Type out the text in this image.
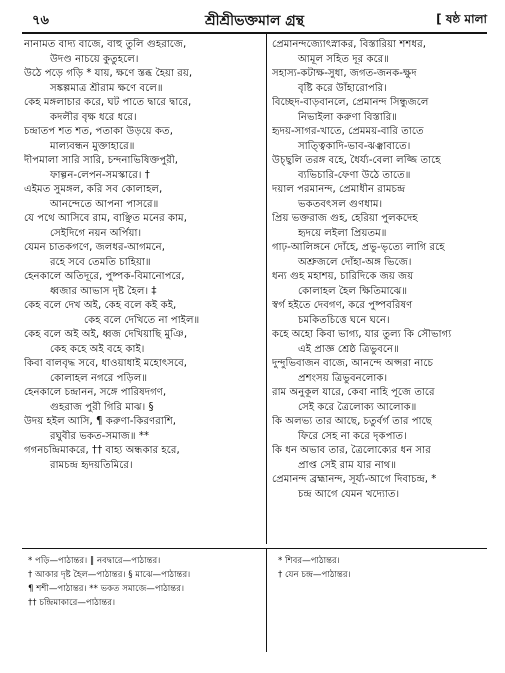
৭৬	শ্রীশ্রীভক্তমাল গ্রন্থ	[ ষষ্ঠ মালা
নানামত বাদ্য বাজে, বাহু তুলি গুহরাজে,
উদণ্ড নাচয়ে কুতুহলে।
উঠে পড়ে গড়ি * যায়, ক্ষণে স্তব্ধ হৈয়া রয়,
সঙ্কল্পমাত্র শ্রীরাম ক্ষণে বলে॥
কেহ মঙ্গলাচার করে, ঘট পাতে দ্বারে দ্বারে,
কদলীর বৃক্ষ ধরে ধরে।
চন্দ্রাতপ শত শত, পতাকা উড়য়ে কত,
মাল্যবন্ধন মুক্তাহারে॥
দীপমালা সারি সারি, চন্দনাভিষিক্তপুরী,
ফাল্গন-লেপন-সমস্কারে। †
এইমত সুমঙ্গল, করি সব কোলাহল,
আনন্দেতে আপনা পাসরে॥
যে পথে আসিবে রাম, বাঞ্ছিত মনের কাম,
সেইদিগে নয়ন অর্পিয়া।
যেমন চাতকগণে, জলধর-আগমনে,
রহে সবে তেমতি চাহিয়া॥
হেনকালে অতিদূরে, পুষ্পক-বিমানোপরে,
ধ্বজার আভাস দৃষ্ট হৈল। ‡
কেহ বলে দেখ অই, কেহ বলে কই কই,
কেহ বলে দেখিতে না পাইল॥
কেহ বলে অই অই, ধ্বজ দেখিয়াছি মুঞি,
কেহ কহে অই বহে কাই।
কিবা বালবৃদ্ধ সবে, ধাওয়াধাই মহোৎসবে,
কোলাহল নগরে পড়িল॥
হেনকালে চন্দ্রানন, সঙ্গে পারিষদগণ,
গুহরাজ পুরী গিরি মাঝ। §
উদয় হইল আসি, ¶ করুণা-কিরণরাশি,
রঘুবীর ভকত-সমাজ॥ **
গগনচন্দ্রিমাকরে, †† বাহ্য অন্ধকার হরে,
রামচন্দ্র হৃদয়তিমিরে।
প্রেমানন্দজ্যোৎস্নাকর, বিস্তারিয়া শশধর,
আমূল সহিত দূর করে॥
সহাস্য-কটাক্ষ-সুধা, জগত-জনক-ক্ষুদ
বৃষ্টি করে উাঁহারোপরি।
বিচ্ছেদ-বাড়বানলে, প্রেমানন্দ সিন্ধুজলে
নিভাইলা করুণা বিস্তারি॥
হৃদয়-সাগর-খাতে, প্রেমময়-বারি তাতে
সাত্ত্বিকাদি-ভাব-ঝঞ্ঝাবাতে।
উচ্ছ্বলি তরঙ্গ বহে, ধৈর্য্য-বেলা লজ্জি তাহে
ব্যভিচারি-ফেণা উঠে তাতে॥
দয়াল পরমানন্দ, প্রেমাধীন রামচন্দ্র
ভকতবৎসল গুণধাম।
প্রিয় ভক্তরাজ গুহ, হেরিয়া পুলকদেহ
হৃদয়ে লইলা প্রিয়তম॥
গাঢ়-আলিঙ্গনে দোঁহে, প্রভু-ভৃত্যে লাগি রহে
অশ্রুজলে দোঁহা-অঙ্গ ভিজে।
ধন্য গুহ মহাশয়, চারিদিকে জয় জয়
কোলাহল হৈল ক্ষিতিমাঝে॥
স্বর্গ হইতে দেবগণ, করে পুষ্পবরিষণ
চমকিতচিত্তে ঘনে ঘনে।
কহে অহো কিবা ভাগ্য, যার তুল্য কি সৌভাগ্য
এই প্রাজ্ঞ শ্রেষ্ঠ ত্রিভুবনে॥
দুন্দুভিবাজন বাজে, আনন্দে অপ্সরা নাচে
প্রশংসয় ত্রিভুবনলোক।
রাম অনুকূল যারে, কেবা নাহি পূজে তারে
সেই করে ত্রৈলোক্য আলোক॥
কি অলভ্য তার আছে, চতুর্বর্গ তার পাছে
ফিরে সেহ না করে দৃকপাত।
কি ধন অভাব তার, ত্রৈলোক্যের ধন সার
প্রাপ্ত সেই রাম যার নাথ॥
প্রেমানন্দ ব্রহ্মানন্দ, সূর্য্য-আগে দিবাচন্দ্র, *
চন্দ্র আগে যেমন খদ্যোত।
* পড়ি—পাঠান্তর। ‖ নবদ্বারে—পাঠান্তর।
† আকার দৃষ্ট হৈল—পাঠান্তর। § মাঝে—পাঠান্তর।
¶ শশী—পাঠান্তর। ** ভকত সমাজে—পাঠান্তর।
†† চন্দ্রিমাকারে—পাঠান্তর।
* শিবর—পাঠান্তর।
† যেন চন্দ্র—পাঠান্তর।
